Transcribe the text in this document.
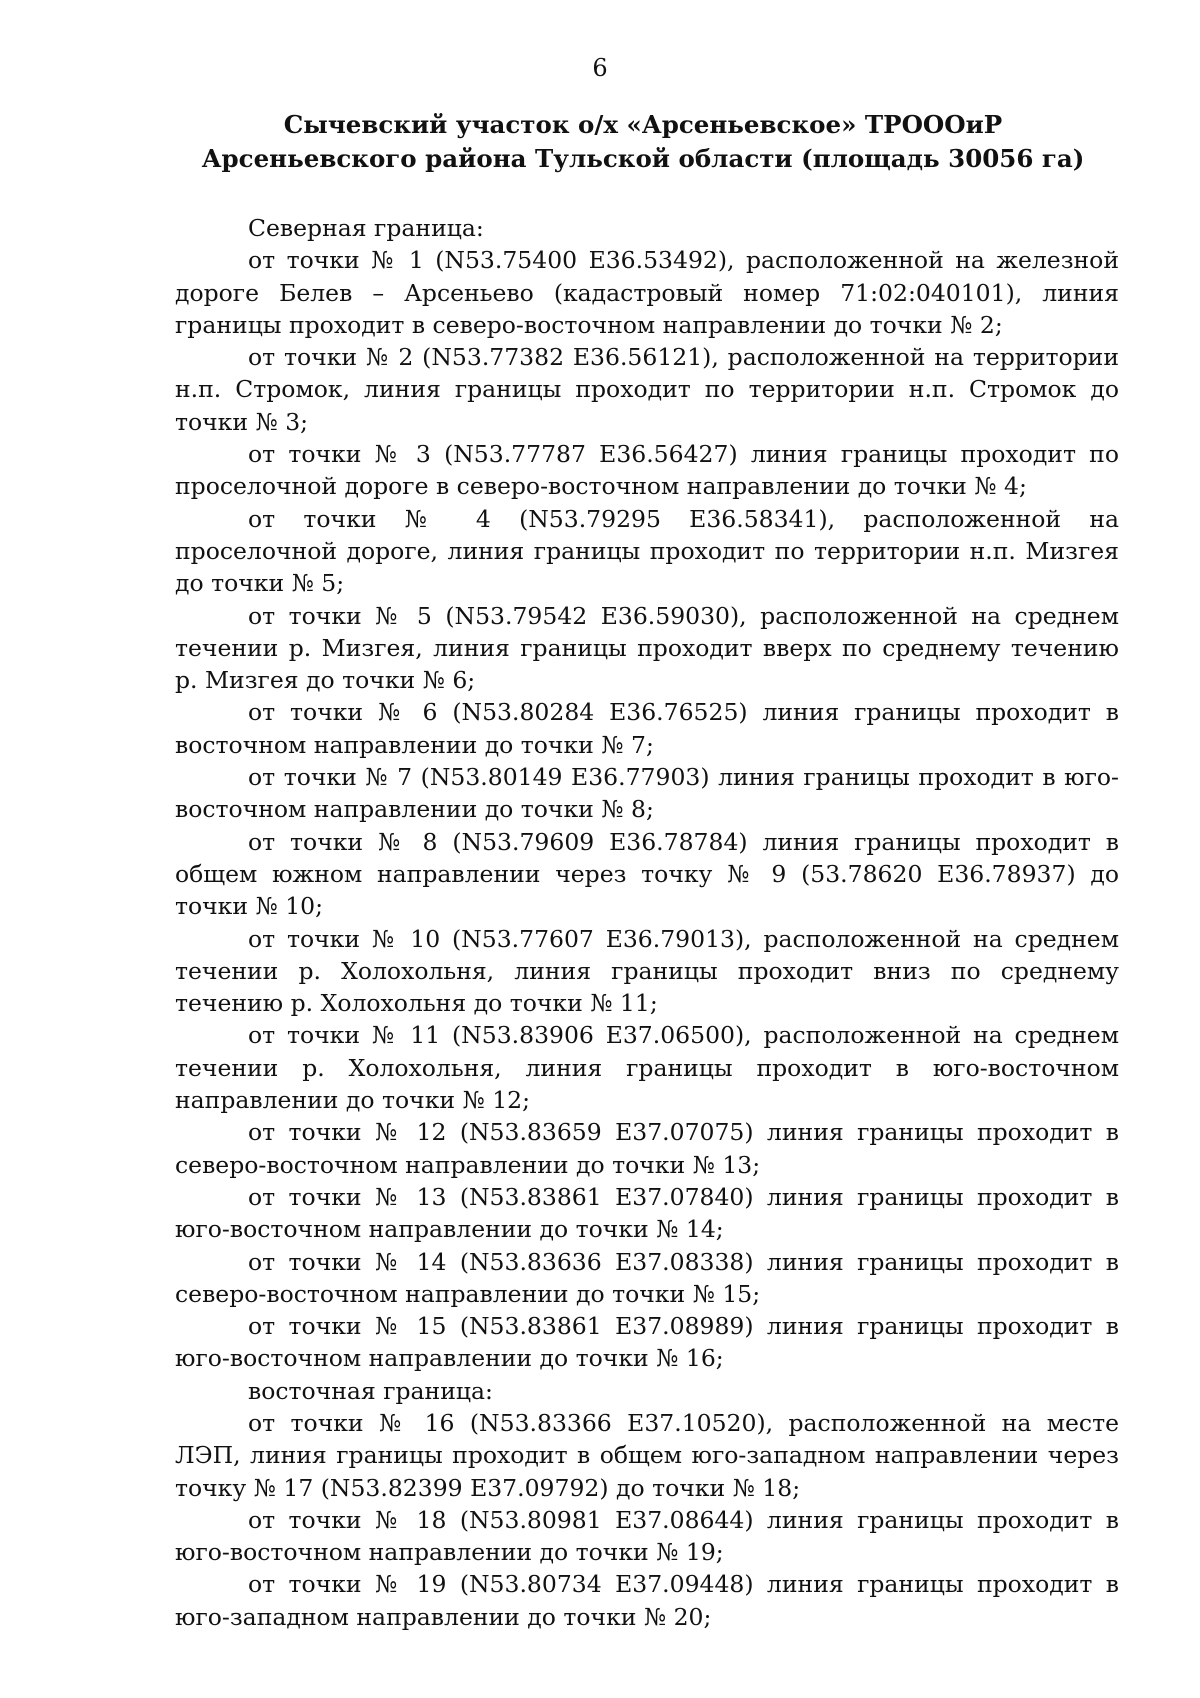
6
Сычевский участок о/х «Арсеньевское» ТРОООиР
Арсеньевского района Тульской области (площадь 30056 га)

Северная граница:

от точки № 1 (N53.75400 E36.53492), расположенной на железной дороге Белев – Арсеньево (кадастровый номер 71:02:040101), линия границы проходит в северо-восточном направлении до точки № 2;

от точки № 2 (N53.77382 E36.56121), расположенной на территории н.п. Стромок, линия границы проходит по территории н.п. Стромок до точки № 3;

от точки № 3 (N53.77787 E36.56427) линия границы проходит по проселочной дороге в северо-восточном направлении до точки № 4;

от точки № 4 (N53.79295 E36.58341), расположенной на проселочной дороге, линия границы проходит по территории н.п. Мизгея до точки № 5;

от точки № 5 (N53.79542 E36.59030), расположенной на среднем течении р. Мизгея, линия границы проходит вверх по среднему течению р. Мизгея до точки № 6;

от точки № 6 (N53.80284 E36.76525) линия границы проходит в восточном направлении до точки № 7;

от точки № 7 (N53.80149 E36.77903) линия границы проходит в юго-восточном направлении до точки № 8;

от точки № 8 (N53.79609 E36.78784) линия границы проходит в общем южном направлении через точку № 9 (53.78620 E36.78937) до точки № 10;

от точки № 10 (N53.77607 E36.79013), расположенной на среднем течении р. Холохольня, линия границы проходит вниз по среднему течению р. Холохольня до точки № 11;

от точки № 11 (N53.83906 E37.06500), расположенной на среднем течении р. Холохольня, линия границы проходит в юго-восточном направлении до точки № 12;

от точки № 12 (N53.83659 E37.07075) линия границы проходит в северо-восточном направлении до точки № 13;

от точки № 13 (N53.83861 E37.07840) линия границы проходит в юго-восточном направлении до точки № 14;

от точки № 14 (N53.83636 E37.08338) линия границы проходит в северо-восточном направлении до точки № 15;

от точки № 15 (N53.83861 E37.08989) линия границы проходит в юго-восточном направлении до точки № 16;

восточная граница:

от точки № 16 (N53.83366 E37.10520), расположенной на месте ЛЭП, линия границы проходит в общем юго-западном направлении через точку № 17 (N53.82399 E37.09792) до точки № 18;

от точки № 18 (N53.80981 E37.08644) линия границы проходит в юго-восточном направлении до точки № 19;

от точки № 19 (N53.80734 E37.09448) линия границы проходит в юго-западном направлении до точки № 20;
